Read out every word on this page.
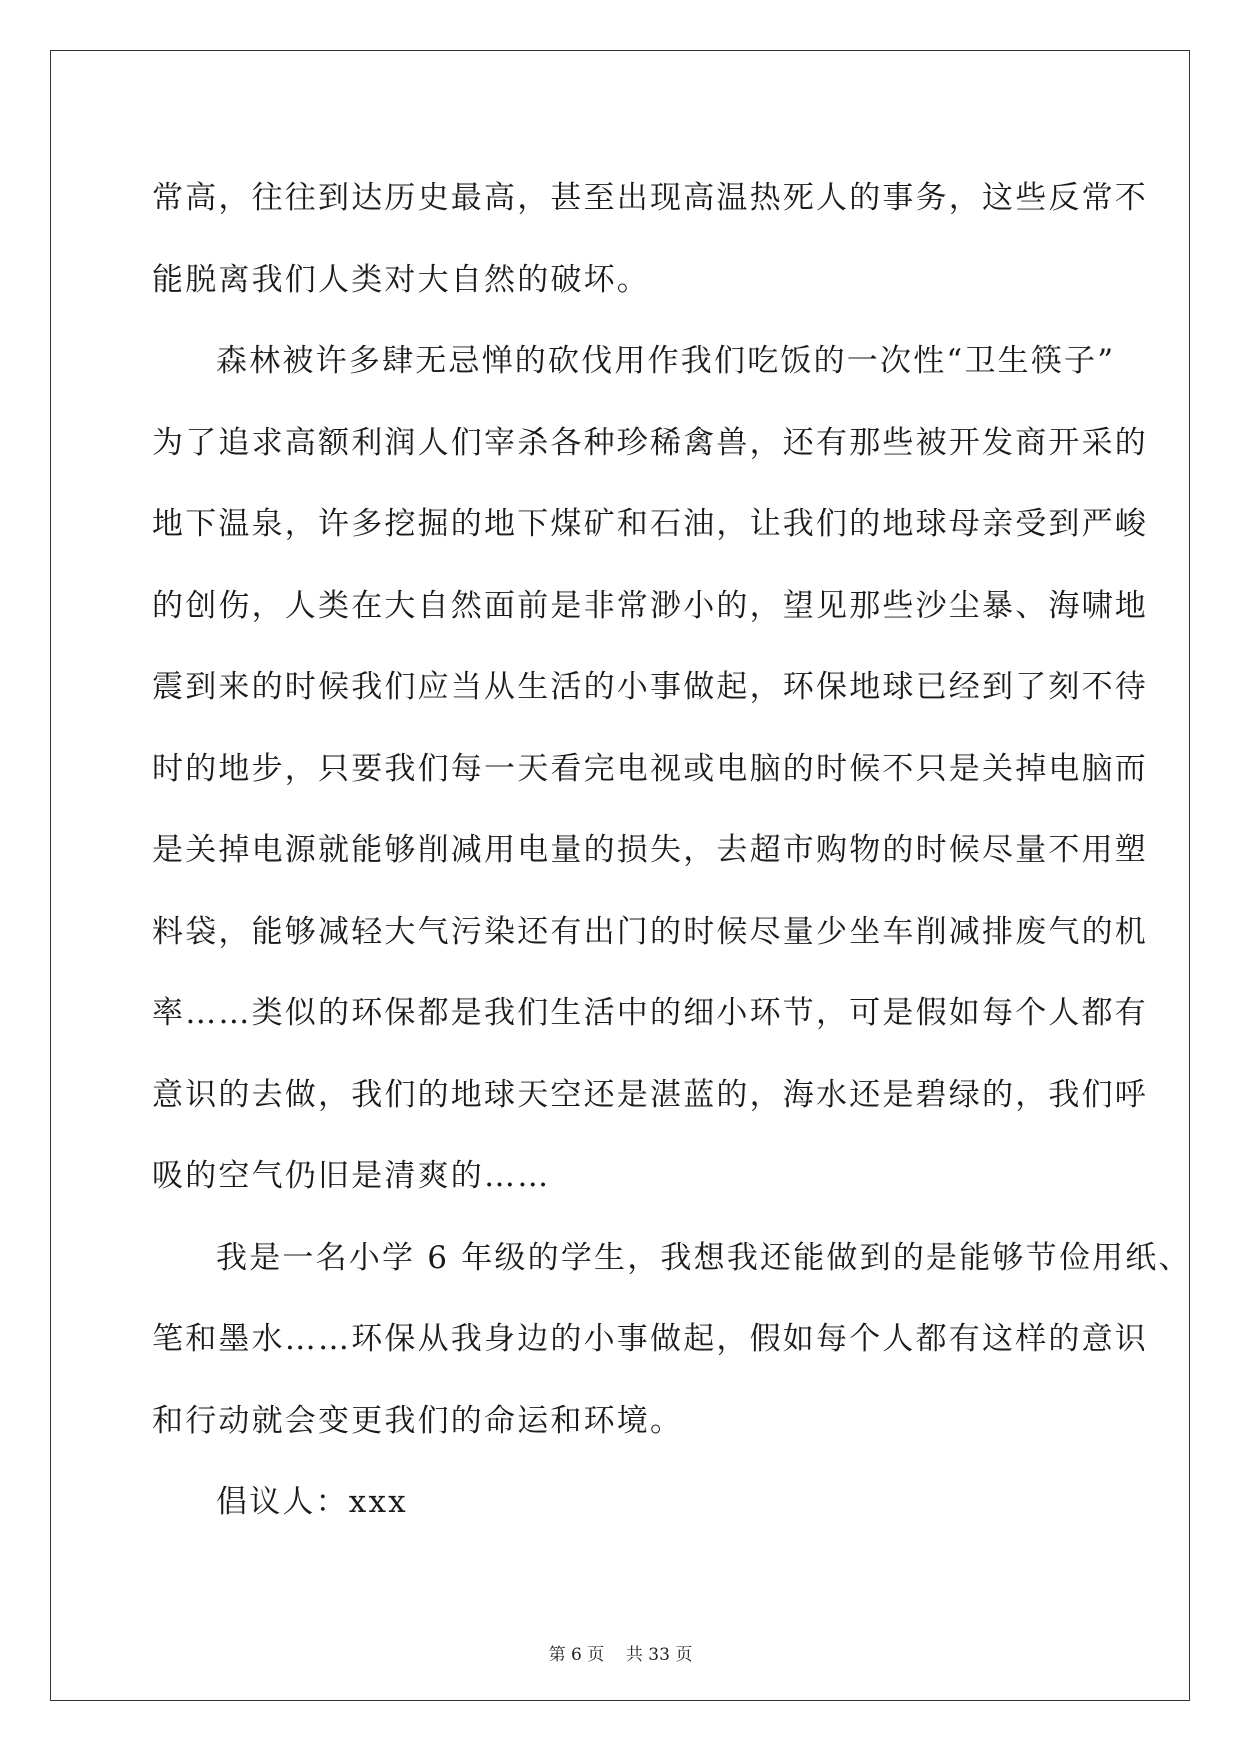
常高，往往到达历史最高，甚至出现高温热死人的事务，这些反常不
能脱离我们人类对大自然的破坏。
森林被许多肆无忌惮的砍伐用作我们吃饭的一次性“卫生筷子”
为了追求高额利润人们宰杀各种珍稀禽兽，还有那些被开发商开采的
地下温泉，许多挖掘的地下煤矿和石油，让我们的地球母亲受到严峻
的创伤，人类在大自然面前是非常渺小的，望见那些沙尘暴、海啸地
震到来的时候我们应当从生活的小事做起，环保地球已经到了刻不待
时的地步，只要我们每一天看完电视或电脑的时候不只是关掉电脑而
是关掉电源就能够削减用电量的损失，去超市购物的时候尽量不用塑
料袋，能够减轻大气污染还有出门的时候尽量少坐车削减排废气的机
率……类似的环保都是我们生活中的细小环节，可是假如每个人都有
意识的去做，我们的地球天空还是湛蓝的，海水还是碧绿的，我们呼
吸的空气仍旧是清爽的……
我是一名小学 6 年级的学生，我想我还能做到的是能够节俭用纸、
笔和墨水……环保从我身边的小事做起，假如每个人都有这样的意识
和行动就会变更我们的命运和环境。
倡议人：xxx
第 6 页    共 33 页
